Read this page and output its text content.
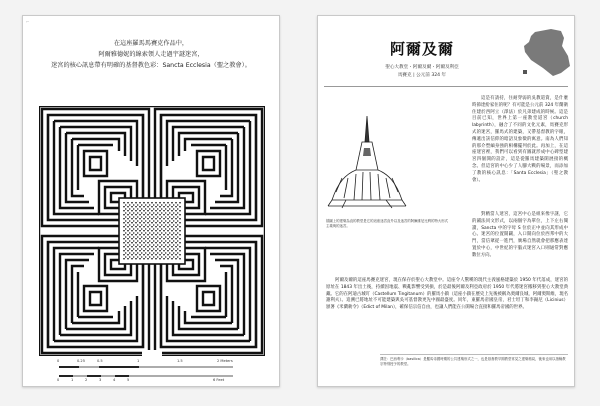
⌐
在這座羅馬馬賽克作品中，
阿爾雅德妮的線索領人走過宇謎迷宮，
迷宮的核心訊息帶有明確的基督教色彩：Sancta Ecclesia（聖之教會）。
0	0.25	0.5	1	1.5	2 Meters
0	1	2	3	4	5	6 Feet
阿爾及爾
聖心大教堂・阿爾及爾・阿爾及利亞
馬賽克 | 公元前 324 年
插圖上的建築為直的教堂是它的這座迷宮直外以及迷宮的阿爾維尼比利的特大形式主義與的迷宮。

這是有請持，住耐穿弱的吳教道資，是什麼時節達紛家住的呢？有可能是公元前 324 年蘭衛住建於西阿立（澤法）於凡弟建成的時候。這是目前已知，世界上第一座教堂道宮（church labyrinth），融合了不同的文化元素，馬賽克形式的迷宮，羅馬式的建築，又帶基督教的字眼，傳遞出該信仰的暗語及象徵的寓意。南為人們知的那介塑緬身強的相構擺列於此。再加上，在這座迷宮裡，我們可以看到有圖就形成中心碑型建宮四個開的設計，這是從羅馬建築開展接的概念。但這宮的中心少了人腳大戰的場景，而添加了教的核心訊息：「Santa Ecclesia」（聖之教會）。

對精當人迷宮，這宮中心是組來像字謎，它的鋪法同文形式，以兩個字為單位，上下左右閱讀，Sancta 中的字母 S 位於正中並向其形成中心。迷宮的位置開闢，入口開向位於西邦中的大門，當信眾從一進門，廣場自然就會把那應表達置於中心，中世紀的宇腦式迷宮入口則通常對應數位方向。

阿爾及爾的這座馬賽克迷宮，現在保存於聖心大教堂中。這座令人驚嘆的現代主義風格建築於 1950 年代落成，迷宮的原址在 1843 年出土後，持續因地震、戰亂影響受到損，於是最後阿爾及利亞政府於 1950 年代將迷宮搬移到聖心大教堂典藏。它的在阿迪古城叮（Castellum Tingitanum）的羅馬小鎮（這座小鎮在歷史上先後被稱為奧爾良城，阿爾奧斯維，現名謝利夫）。追溯已將地址不可能建築與吳可基督教更先中國最盛度。同年，東羅馬帝國皇帝，君士坦丁和李錫尼（Licinius）頒署《米蘭勅令》（Edict of Milan），確保信宗信自由，也讓人們能在公開場合直接和羅馬帝國的世界。

譯註：巴西利卡（basilica）是羅馬帝國時期的公共建築形式之一，也是基督教早期教堂常見之建築格局，後來也用以指稱教宗特別授予的教堂。
